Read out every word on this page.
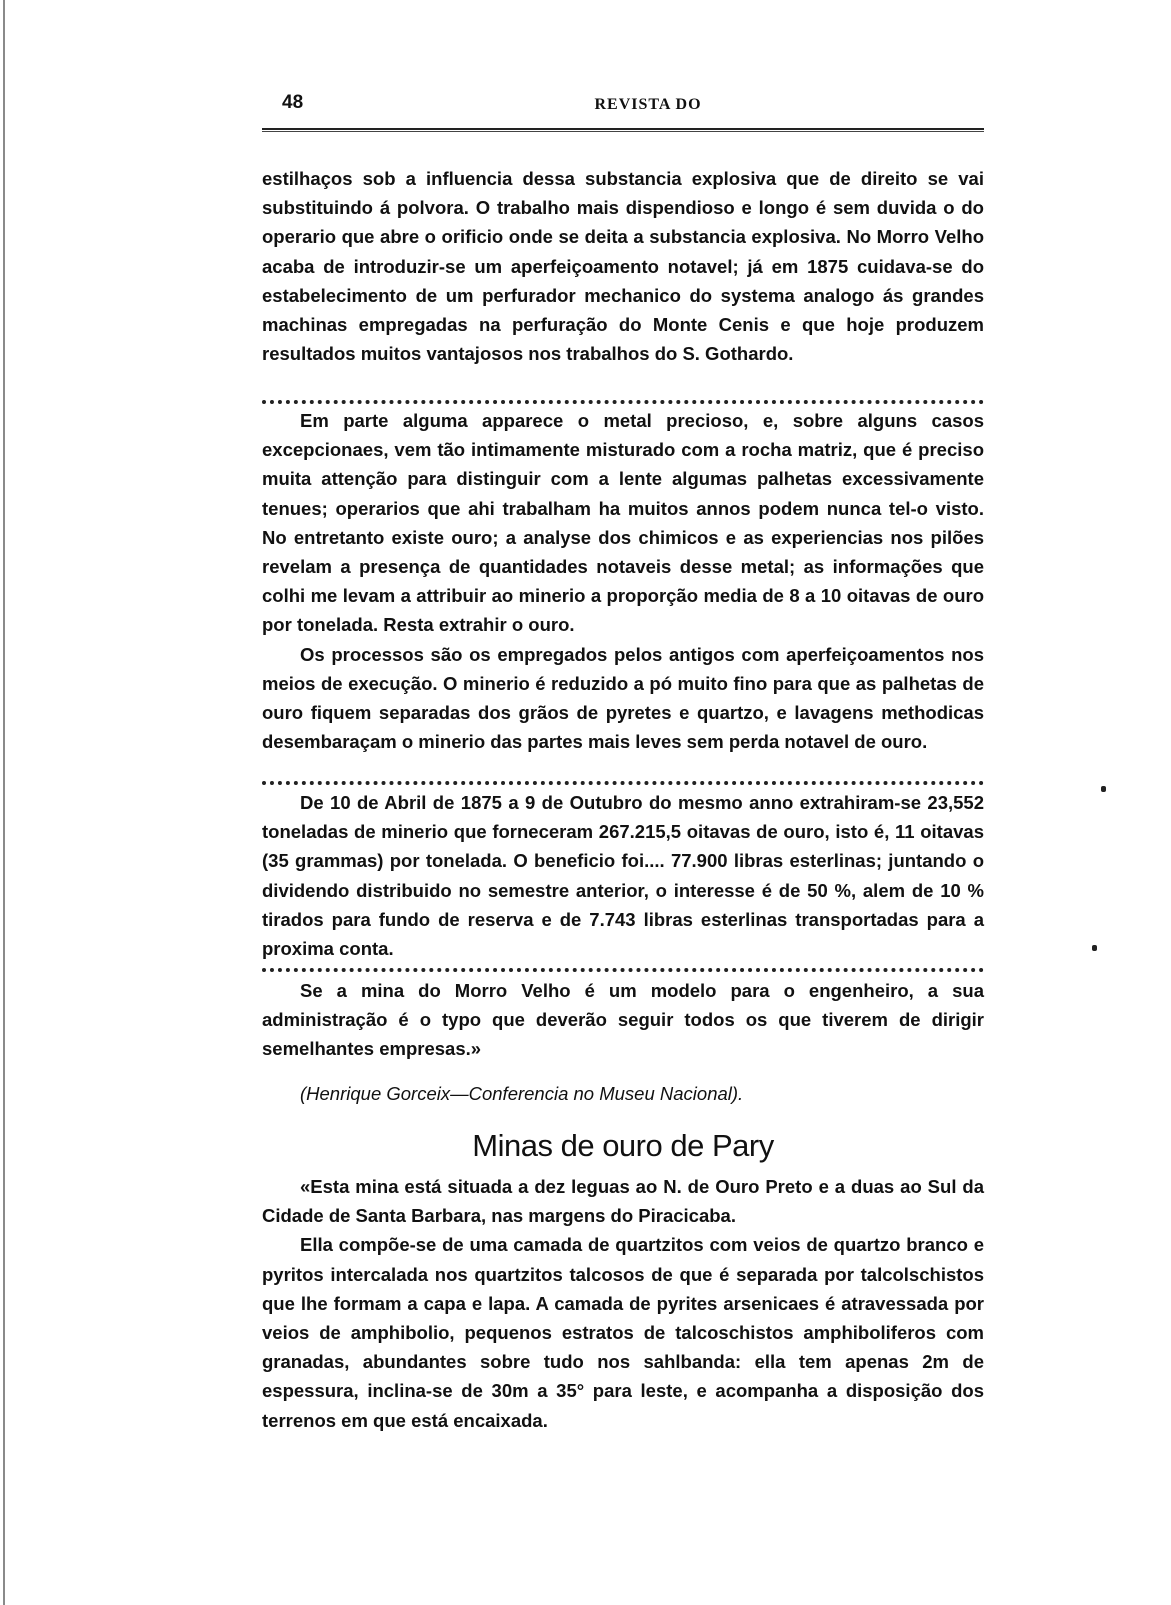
48	REVISTA DO

estilhaços sob a influencia dessa substancia explosiva que de direito se vai substituindo á polvora. O trabalho mais dispendioso e longo é sem duvida o do operario que abre o orificio onde se deita a substancia explosiva. No Morro Velho acaba de introduzir-se um aperfeiçoamento notavel; já em 1875 cuidava-se do estabelecimento de um perfurador mechanico do systema analogo ás grandes machinas empregadas na perfuração do Monte Cenis e que hoje produzem resultados muitos vantajosos nos trabalhos do S. Gothardo.

Em parte alguma apparece o metal precioso, e, sobre alguns casos excepcionaes, vem tão intimamente misturado com a rocha matriz, que é preciso muita attenção para distinguir com a lente algumas palhetas excessivamente tenues; operarios que ahi trabalham ha muitos annos podem nunca tel-o visto. No entretanto existe ouro; a analyse dos chimicos e as experiencias nos pilões revelam a presença de quantidades notaveis desse metal; as informações que colhi me levam a attribuir ao minerio a proporção media de 8 a 10 oitavas de ouro por tonelada. Resta extrahir o ouro.

Os processos são os empregados pelos antigos com aperfeiçoamentos nos meios de execução. O minerio é reduzido a pó muito fino para que as palhetas de ouro fiquem separadas dos grãos de pyretes e quartzo, e lavagens methodicas desembaraçam o minerio das partes mais leves sem perda notavel de ouro.

De 10 de Abril de 1875 a 9 de Outubro do mesmo anno extrahiram-se 23,552 toneladas de minerio que forneceram 267.215,5 oitavas de ouro, isto é, 11 oitavas (35 grammas) por tonelada. O beneficio foi.... 77.900 libras esterlinas; juntando o dividendo distribuido no semestre anterior, o interesse é de 50 %, alem de 10 % tirados para fundo de reserva e de 7.743 libras esterlinas transportadas para a proxima conta.

Se a mina do Morro Velho é um modelo para o engenheiro, a sua administração é o typo que deverão seguir todos os que tiverem de dirigir semelhantes empresas.»

(Henrique Gorceix—Conferencia no Museu Nacional).
Minas de ouro de Pary

«Esta mina está situada a dez leguas ao N. de Ouro Preto e a duas ao Sul da Cidade de Santa Barbara, nas margens do Piracicaba.

Ella compõe-se de uma camada de quartzitos com veios de quartzo branco e pyritos intercalada nos quartzitos talcosos de que é separada por talcolschistos que lhe formam a capa e lapa. A camada de pyrites arsenicaes é atravessada por veios de amphibolio, pequenos estratos de talcoschistos amphiboliferos com granadas, abundantes sobre tudo nos sahlbanda: ella tem apenas 2m de espessura, inclina-se de 30m a 35° para leste, e acompanha a disposição dos terrenos em que está encaixada.
